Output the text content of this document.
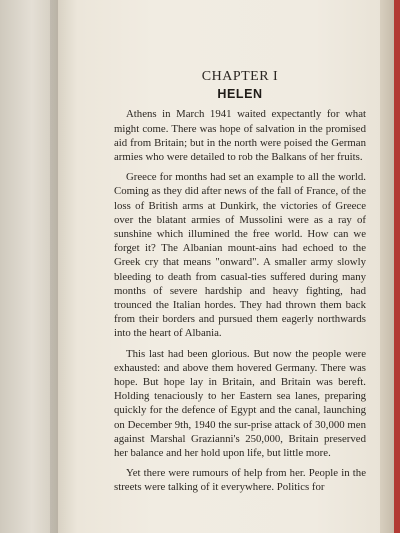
CHAPTER I
HELEN

Athens in March 1941 waited expectantly for what might come. There was hope of salvation in the promised aid from Britain; but in the north were poised the German armies who were detailed to rob the Balkans of her fruits.

Greece for months had set an example to all the world. Coming as they did after news of the fall of France, of the loss of British arms at Dunkirk, the victories of Greece over the blatant armies of Mussolini were as a ray of sunshine which illumined the free world. How can we forget it? The Albanian mount-ains had echoed to the Greek cry that means "onward". A smaller army slowly bleeding to death from casual-ties suffered during many months of severe hardship and heavy fighting, had trounced the Italian hordes. They had thrown them back from their borders and pursued them eagerly northwards into the heart of Albania.

This last had been glorious. But now the people were exhausted: and above them hovered Germany. There was hope. But hope lay in Britain, and Britain was bereft. Holding tenaciously to her Eastern sea lanes, preparing quickly for the defence of Egypt and the canal, launching on December 9th, 1940 the sur-prise attack of 30,000 men against Marshal Grazianni's 250,000, Britain preserved her balance and her hold upon life, but little more.

Yet there were rumours of help from her. People in the streets were talking of it everywhere. Politics for
